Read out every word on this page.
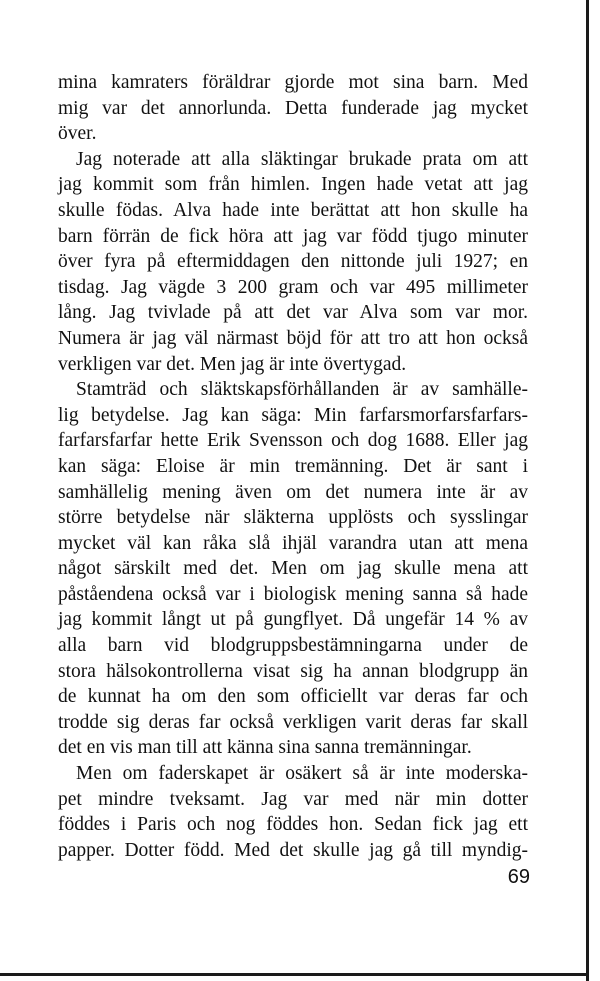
mina kamraters föräldrar gjorde mot sina barn. Med
mig var det annorlunda. Detta funderade jag mycket
över.

Jag noterade att alla släktingar brukade prata om att
jag kommit som från himlen. Ingen hade vetat att jag
skulle födas. Alva hade inte berättat att hon skulle ha
barn förrän de fick höra att jag var född tjugo minuter
över fyra på eftermiddagen den nittonde juli 1927; en
tisdag. Jag vägde 3 200 gram och var 495 millimeter
lång. Jag tvivlade på att det var Alva som var mor.
Numera är jag väl närmast böjd för att tro att hon också
verkligen var det. Men jag är inte övertygad.

Stamträd och släktskapsförhållanden är av samhälle-
lig betydelse. Jag kan säga: Min farfarsmorfarsfarfars-
farfarsfarfar hette Erik Svensson och dog 1688. Eller jag
kan säga: Eloise är min tremänning. Det är sant i
samhällelig mening även om det numera inte är av
större betydelse när släkterna upplösts och sysslingar
mycket väl kan råka slå ihjäl varandra utan att mena
något särskilt med det. Men om jag skulle mena att
påståendena också var i biologisk mening sanna så hade
jag kommit långt ut på gungflyet. Då ungefär 14 % av
alla barn vid blodgruppsbestämningarna under de
stora hälsokontrollerna visat sig ha annan blodgrupp än
de kunnat ha om den som officiellt var deras far och
trodde sig deras far också verkligen varit deras far skall
det en vis man till att känna sina sanna tremänningar.

Men om faderskapet är osäkert så är inte moderska-
pet mindre tveksamt. Jag var med när min dotter
föddes i Paris och nog föddes hon. Sedan fick jag ett
papper. Dotter född. Med det skulle jag gå till myndig-

69
